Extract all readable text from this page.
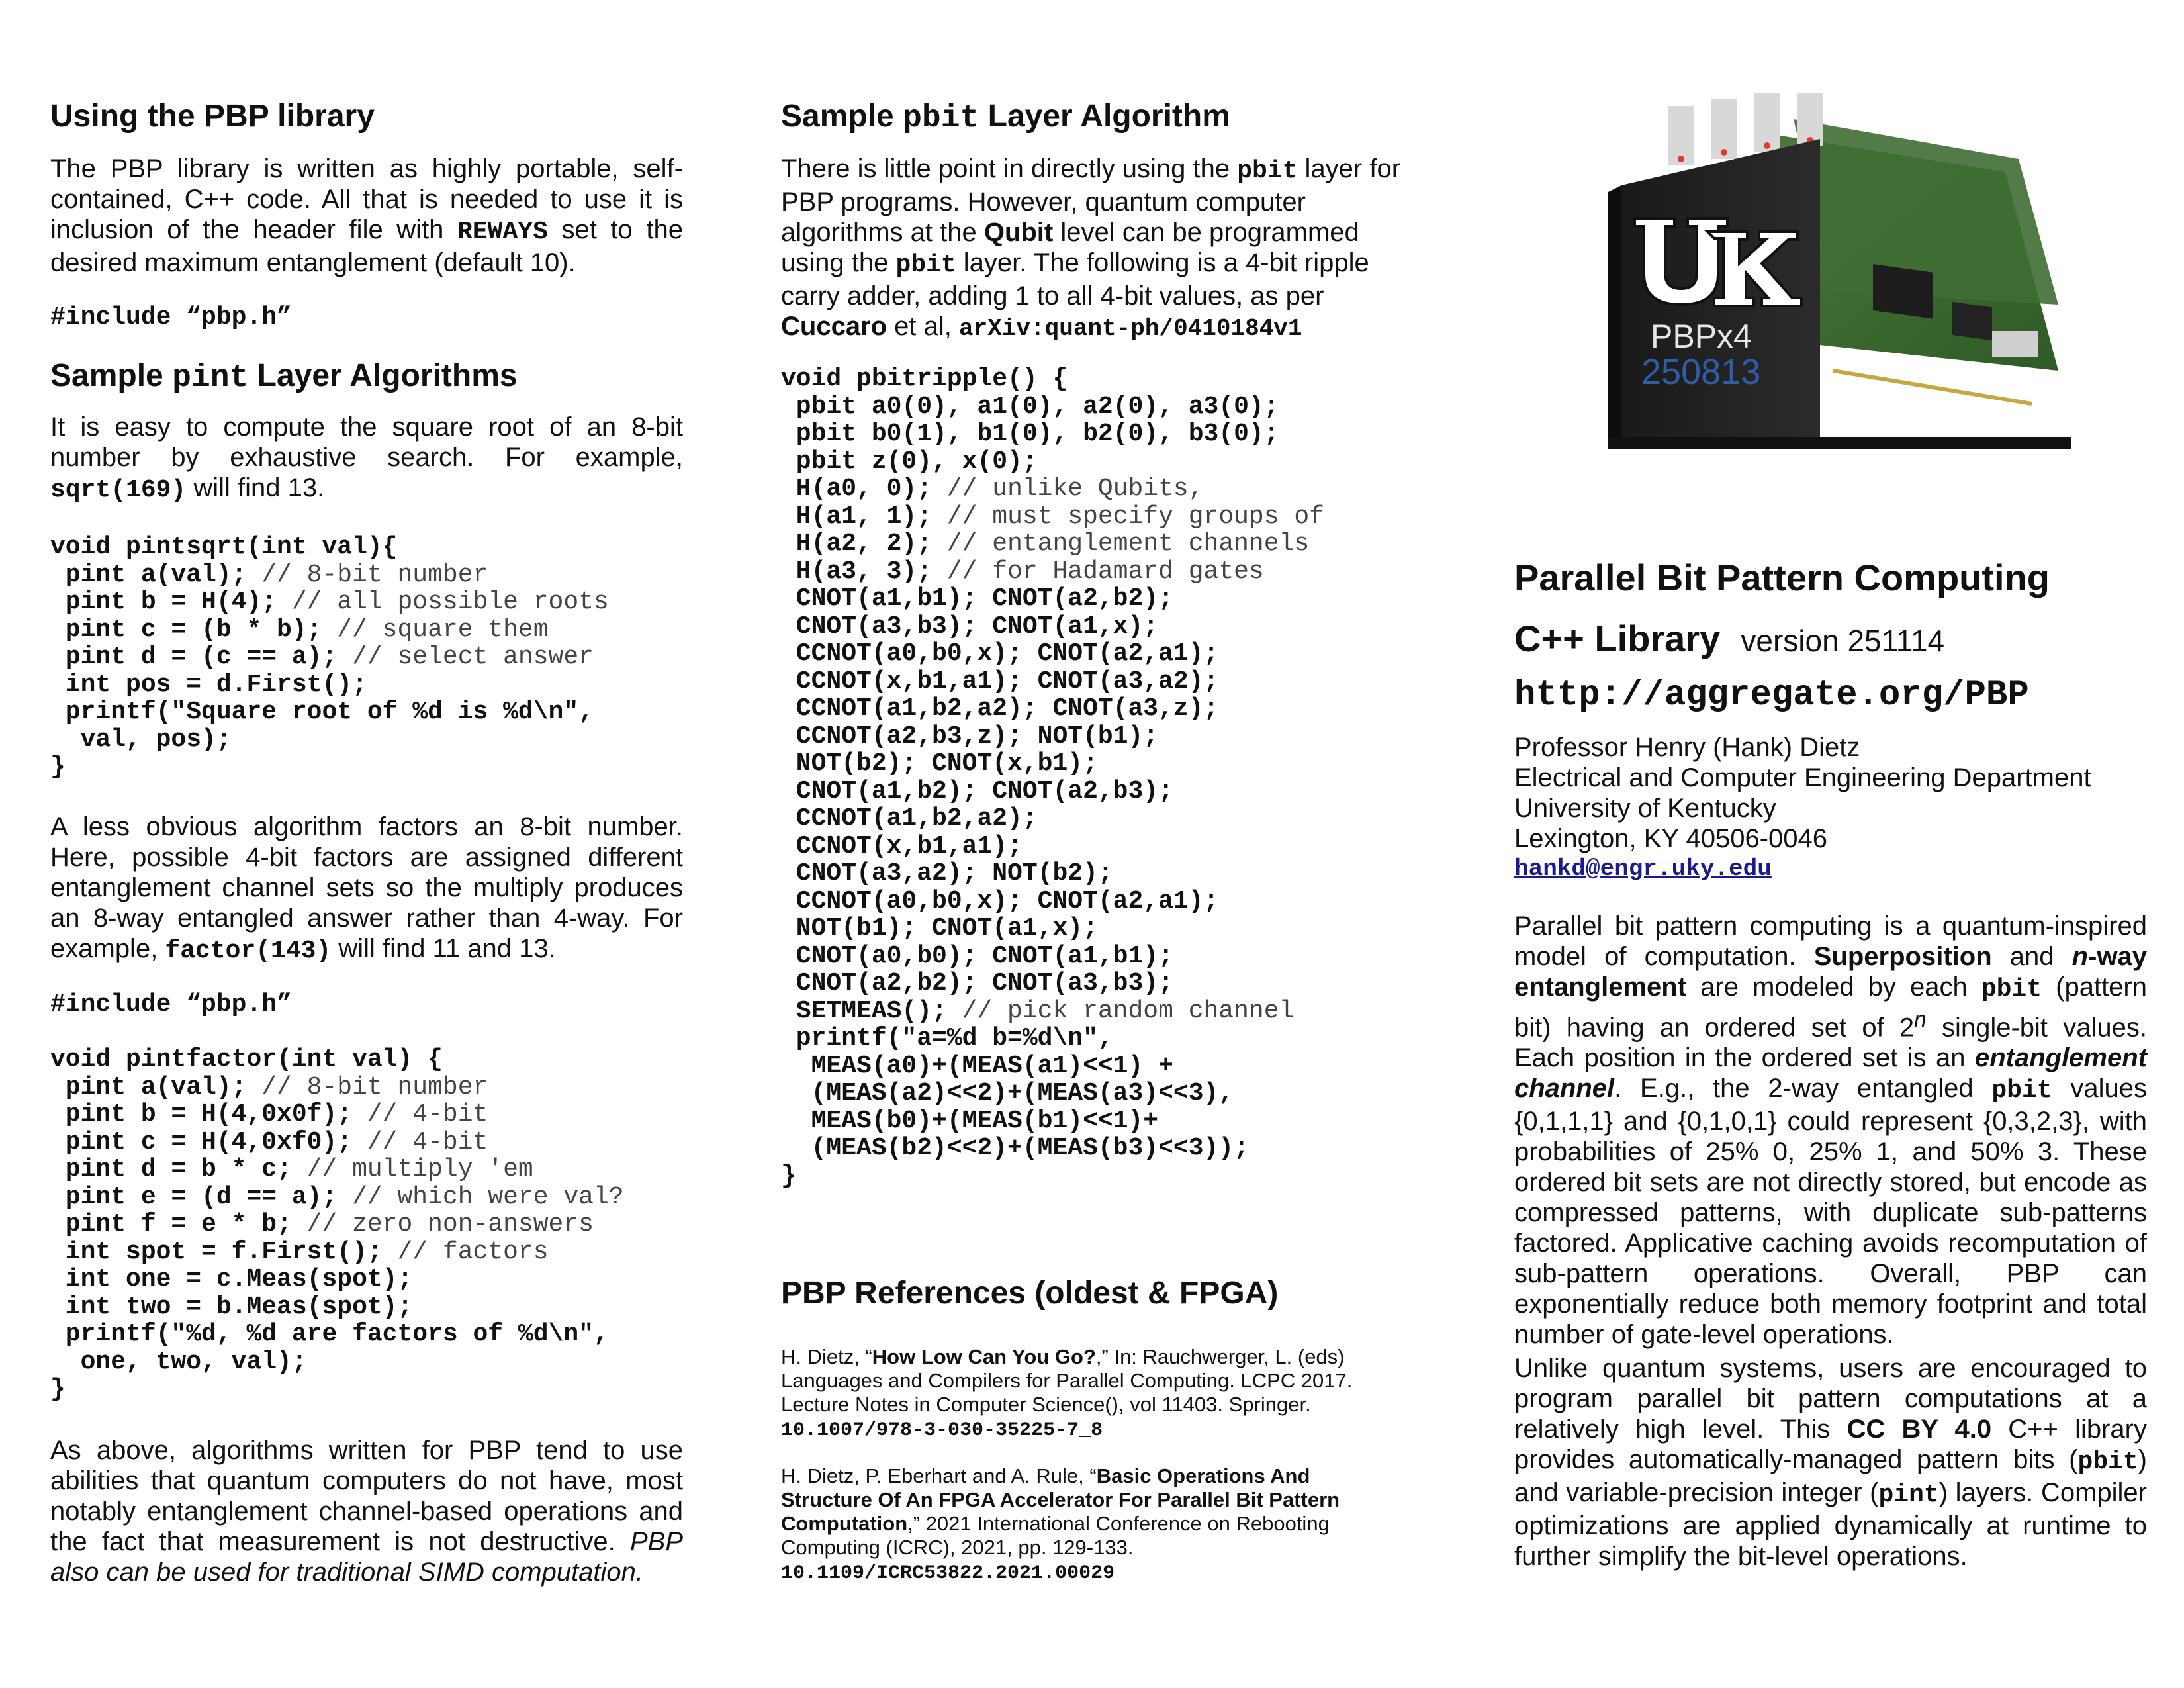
Using the PBP library

The PBP library is written as highly portable, self-contained, C++ code. All that is needed to use it is inclusion of the header file with REWAYS set to the desired maximum entanglement (default 10).

#include “pbp.h”
Sample pint Layer Algorithms

It is easy to compute the square root of an 8-bit number by exhaustive search. For example, sqrt(169) will find 13.

void pintsqrt(int val){
pint a(val); // 8-bit number
pint b = H(4); // all possible roots
pint c = (b * b); // square them
pint d = (c == a); // select answer
int pos = d.First();
printf("Square root of %d is %d\n",
val, pos);
}

A less obvious algorithm factors an 8-bit number. Here, possible 4-bit factors are assigned different entanglement channel sets so the multiply produces an 8-way entangled answer rather than 4-way. For example, factor(143) will find 11 and 13.

#include “pbp.h”
void pintfactor(int val) {
pint a(val); // 8-bit number
pint b = H(4,0x0f); // 4-bit
pint c = H(4,0xf0); // 4-bit
pint d = b * c; // multiply 'em
pint e = (d == a); // which were val?
pint f = e * b; // zero non-answers
int spot = f.First(); // factors
int one = c.Meas(spot);
int two = b.Meas(spot);
printf("%d, %d are factors of %d\n",
one, two, val);
}

As above, algorithms written for PBP tend to use abilities that quantum computers do not have, most notably entanglement channel-based operations and the fact that measurement is not destructive. PBP also can be used for traditional SIMD computation.

Sample pbit Layer Algorithm

There is little point in directly using the pbit layer for PBP programs. However, quantum computer algorithms at the Qubit level can be programmed using the pbit layer. The following is a 4-bit ripple carry adder, adding 1 to all 4-bit values, as per Cuccaro et al, arXiv:quant-ph/0410184v1

void pbitripple() {
pbit a0(0), a1(0), a2(0), a3(0);
pbit b0(1), b1(0), b2(0), b3(0);
pbit z(0), x(0);
H(a0, 0); // unlike Qubits,
H(a1, 1); // must specify groups of
H(a2, 2); // entanglement channels
H(a3, 3); // for Hadamard gates
CNOT(a1,b1); CNOT(a2,b2);
CNOT(a3,b3); CNOT(a1,x);
CCNOT(a0,b0,x); CNOT(a2,a1);
CCNOT(x,b1,a1); CNOT(a3,a2);
CCNOT(a1,b2,a2); CNOT(a3,z);
CCNOT(a2,b3,z); NOT(b1);
NOT(b2); CNOT(x,b1);
CNOT(a1,b2); CNOT(a2,b3);
CCNOT(a1,b2,a2);
CCNOT(x,b1,a1);
CNOT(a3,a2); NOT(b2);
CCNOT(a0,b0,x); CNOT(a2,a1);
NOT(b1); CNOT(a1,x);
CNOT(a0,b0); CNOT(a1,b1);
CNOT(a2,b2); CNOT(a3,b3);
SETMEAS(); // pick random channel
printf("a=%d b=%d\n",
MEAS(a0)+(MEAS(a1)<<1) +
(MEAS(a2)<<2)+(MEAS(a3)<<3),
MEAS(b0)+(MEAS(b1)<<1)+
(MEAS(b2)<<2)+(MEAS(b3)<<3));
}
PBP References (oldest & FPGA)
H. Dietz, “How Low Can You Go?,” In: Rauchwerger, L. (eds) Languages and Compilers for Parallel Computing. LCPC 2017. Lecture Notes in Computer Science(), vol 11403. Springer.
10.1007/978-3-030-35225-7_8
H. Dietz, P. Eberhart and A. Rule, “Basic Operations And Structure Of An FPGA Accelerator For Parallel Bit Pattern Computation,” 2021 International Conference on Rebooting Computing (ICRC), 2021, pp. 129-133.
10.1109/ICRC53822.2021.00029
PBPx4
250813
Parallel Bit Pattern Computing
C++ Library version 251114
http://aggregate.org/PBP
Professor Henry (Hank) Dietz
Electrical and Computer Engineering Department
University of Kentucky
Lexington, KY 40506-0046
hankd@engr.uky.edu

Parallel bit pattern computing is a quantum-inspired model of computation. Superposition and n-way entanglement are modeled by each pbit (pattern bit) having an ordered set of 2$^n$ single-bit values. Each position in the ordered set is an entanglement channel. E.g., the 2-way entangled pbit values {0,1,1,1} and {0,1,0,1} could represent {0,3,2,3}, with probabilities of 25% 0, 25% 1, and 50% 3. These ordered bit sets are not directly stored, but encode as compressed patterns, with duplicate sub-patterns factored. Applicative caching avoids recomputation of sub-pattern operations. Overall, PBP can exponentially reduce both memory footprint and total number of gate-level operations.

Unlike quantum systems, users are encouraged to program parallel bit pattern computations at a relatively high level. This CC BY 4.0 C++ library provides automatically-managed pattern bits (pbit) and variable-precision integer (pint) layers. Compiler optimizations are applied dynamically at runtime to further simplify the bit-level operations.
